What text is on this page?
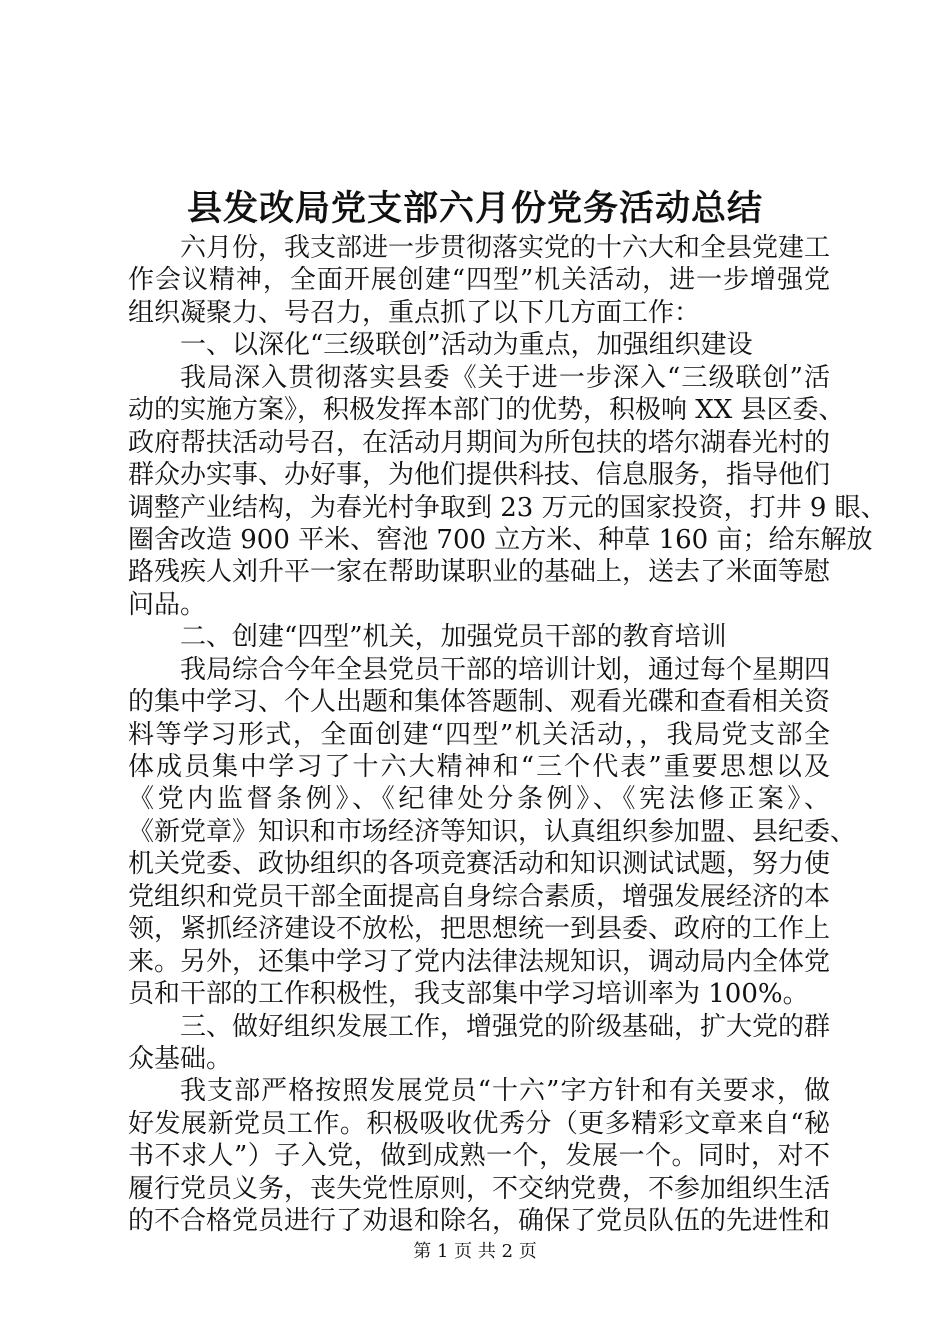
县发改局党支部六月份党务活动总结
六月份，我支部进一步贯彻落实党的十六大和全县党建工
作会议精神，全面开展创建“四型”机关活动，进一步增强党
组织凝聚力、号召力，重点抓了以下几方面工作：
一、以深化“三级联创”活动为重点，加强组织建设
我局深入贯彻落实县委《关于进一步深入“三级联创”活
动的实施方案》，积极发挥本部门的优势，积极响 XX 县区委、
政府帮扶活动号召，在活动月期间为所包扶的塔尔湖春光村的
群众办实事、办好事，为他们提供科技、信息服务，指导他们
调整产业结构，为春光村争取到 23 万元的国家投资，打井 9 眼、
圈舍改造 900 平米、窖池 700 立方米、种草 160 亩；给东解放
路残疾人刘升平一家在帮助谋职业的基础上，送去了米面等慰
问品。
二、创建“四型”机关，加强党员干部的教育培训
我局综合今年全县党员干部的培训计划，通过每个星期四
的集中学习、个人出题和集体答题制、观看光碟和查看相关资
料等学习形式，全面创建“四型”机关活动，，我局党支部全
体成员集中学习了十六大精神和“三个代表”重要思想以及
《党内监督条例》、《纪律处分条例》、《宪法修正案》、
《新党章》知识和市场经济等知识，认真组织参加盟、县纪委、
机关党委、政协组织的各项竞赛活动和知识测试试题，努力使
党组织和党员干部全面提高自身综合素质，增强发展经济的本
领，紧抓经济建设不放松，把思想统一到县委、政府的工作上
来。另外，还集中学习了党内法律法规知识，调动局内全体党
员和干部的工作积极性，我支部集中学习培训率为 100%。
三、做好组织发展工作，增强党的阶级基础，扩大党的群
众基础。
我支部严格按照发展党员“十六”字方针和有关要求，做
好发展新党员工作。积极吸收优秀分（更多精彩文章来自“秘
书不求人”）子入党，做到成熟一个，发展一个。同时，对不
履行党员义务，丧失党性原则，不交纳党费，不参加组织生活
的不合格党员进行了劝退和除名，确保了党员队伍的先进性和
第 1 页 共 2 页
